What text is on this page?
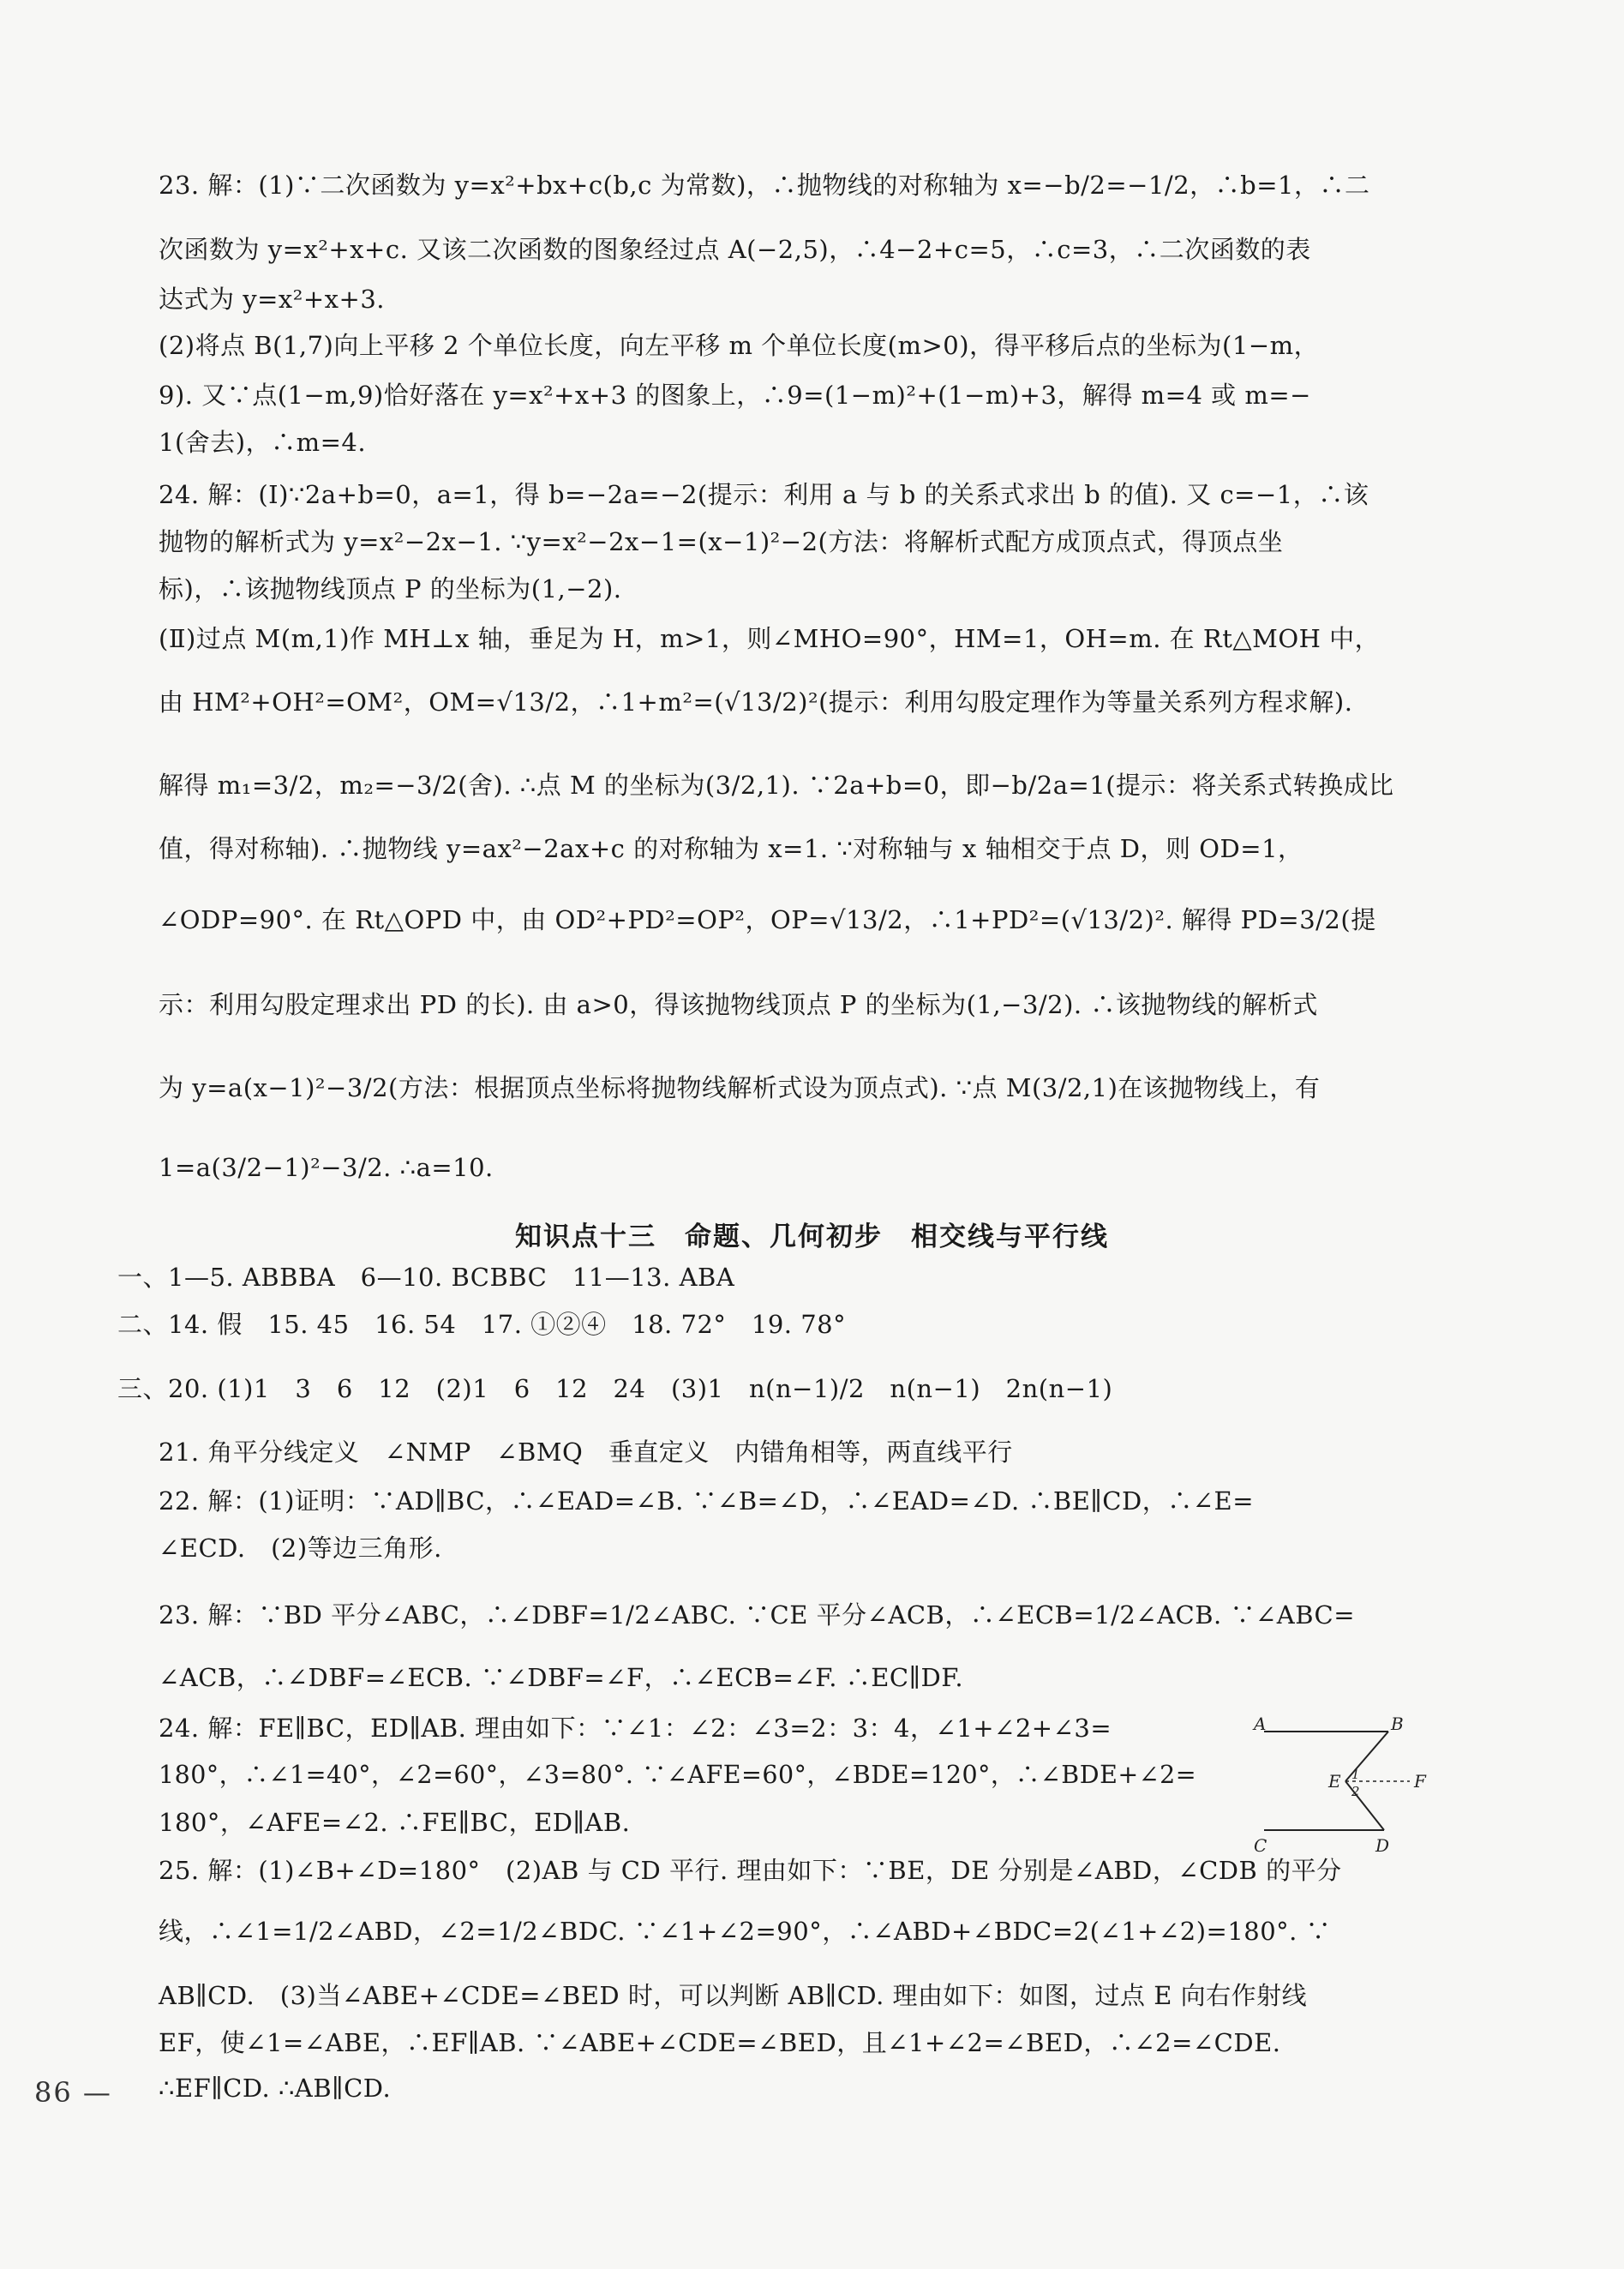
23. 解：(1)∵二次函数为 y=x²+bx+c(b,c 为常数)，∴抛物线的对称轴为 x=−b/2=−1/2，∴b=1，∴二
次函数为 y=x²+x+c. 又该二次函数的图象经过点 A(−2,5)，∴4−2+c=5，∴c=3，∴二次函数的表
达式为 y=x²+x+3.
(2)将点 B(1,7)向上平移 2 个单位长度，向左平移 m 个单位长度(m>0)，得平移后点的坐标为(1−m，
9). 又∵点(1−m,9)恰好落在 y=x²+x+3 的图象上，∴9=(1−m)²+(1−m)+3，解得 m=4 或 m=−
1(舍去)，∴m=4.
24. 解：(Ⅰ)∵2a+b=0，a=1，得 b=−2a=−2(提示：利用 a 与 b 的关系式求出 b 的值). 又 c=−1，∴该
抛物的解析式为 y=x²−2x−1. ∵y=x²−2x−1=(x−1)²−2(方法：将解析式配方成顶点式，得顶点坐
标)，∴该抛物线顶点 P 的坐标为(1,−2).
(Ⅱ)过点 M(m,1)作 MH⊥x 轴，垂足为 H，m>1，则∠MHO=90°，HM=1，OH=m. 在 Rt△MOH 中，
由 HM²+OH²=OM²，OM=√13/2，∴1+m²=(√13/2)²(提示：利用勾股定理作为等量关系列方程求解).
解得 m₁=3/2，m₂=−3/2(舍). ∴点 M 的坐标为(3/2,1). ∵2a+b=0，即−b/2a=1(提示：将关系式转换成比
值，得对称轴). ∴抛物线 y=ax²−2ax+c 的对称轴为 x=1. ∵对称轴与 x 轴相交于点 D，则 OD=1，
∠ODP=90°. 在 Rt△OPD 中，由 OD²+PD²=OP²，OP=√13/2，∴1+PD²=(√13/2)². 解得 PD=3/2(提
示：利用勾股定理求出 PD 的长). 由 a>0，得该抛物线顶点 P 的坐标为(1,−3/2). ∴该抛物线的解析式
为 y=a(x−1)²−3/2(方法：根据顶点坐标将抛物线解析式设为顶点式). ∵点 M(3/2,1)在该抛物线上，有
1=a(3/2−1)²−3/2. ∴a=10.
知识点十三　命题、几何初步　相交线与平行线
一、1—5. ABBBA　6—10. BCBBC　11—13. ABA
二、14. 假　15. 45　16. 54　17. ①②④　18. 72°　19. 78°
三、20. (1)1　3　6　12　(2)1　6　12　24　(3)1　n(n−1)/2　n(n−1)　2n(n−1)
21. 角平分线定义　∠NMP　∠BMQ　垂直定义　内错角相等，两直线平行
22. 解：(1)证明：∵AD∥BC，∴∠EAD=∠B. ∵∠B=∠D，∴∠EAD=∠D. ∴BE∥CD，∴∠E=
∠ECD.　(2)等边三角形.
23. 解：∵BD 平分∠ABC，∴∠DBF=1/2∠ABC. ∵CE 平分∠ACB，∴∠ECB=1/2∠ACB. ∵∠ABC=
∠ACB，∴∠DBF=∠ECB. ∵∠DBF=∠F，∴∠ECB=∠F. ∴EC∥DF.
24. 解：FE∥BC，ED∥AB. 理由如下：∵∠1：∠2：∠3=2：3：4，∠1+∠2+∠3=
180°，∴∠1=40°，∠2=60°，∠3=80°. ∵∠AFE=60°，∠BDE=120°，∴∠BDE+∠2=
180°，∠AFE=∠2. ∴FE∥BC，ED∥AB.
25. 解：(1)∠B+∠D=180°　(2)AB 与 CD 平行. 理由如下：∵BE，DE 分别是∠ABD，∠CDB 的平分
线，∴∠1=1/2∠ABD，∠2=1/2∠BDC. ∵∠1+∠2=90°，∴∠ABD+∠BDC=2(∠1+∠2)=180°. ∵
AB∥CD.　(3)当∠ABE+∠CDE=∠BED 时，可以判断 AB∥CD. 理由如下：如图，过点 E 向右作射线
EF，使∠1=∠ABE，∴EF∥AB. ∵∠ABE+∠CDE=∠BED，且∠1+∠2=∠BED，∴∠2=∠CDE.
∴EF∥CD. ∴AB∥CD.
A	B
C	D
E	F
1
2
86 —
